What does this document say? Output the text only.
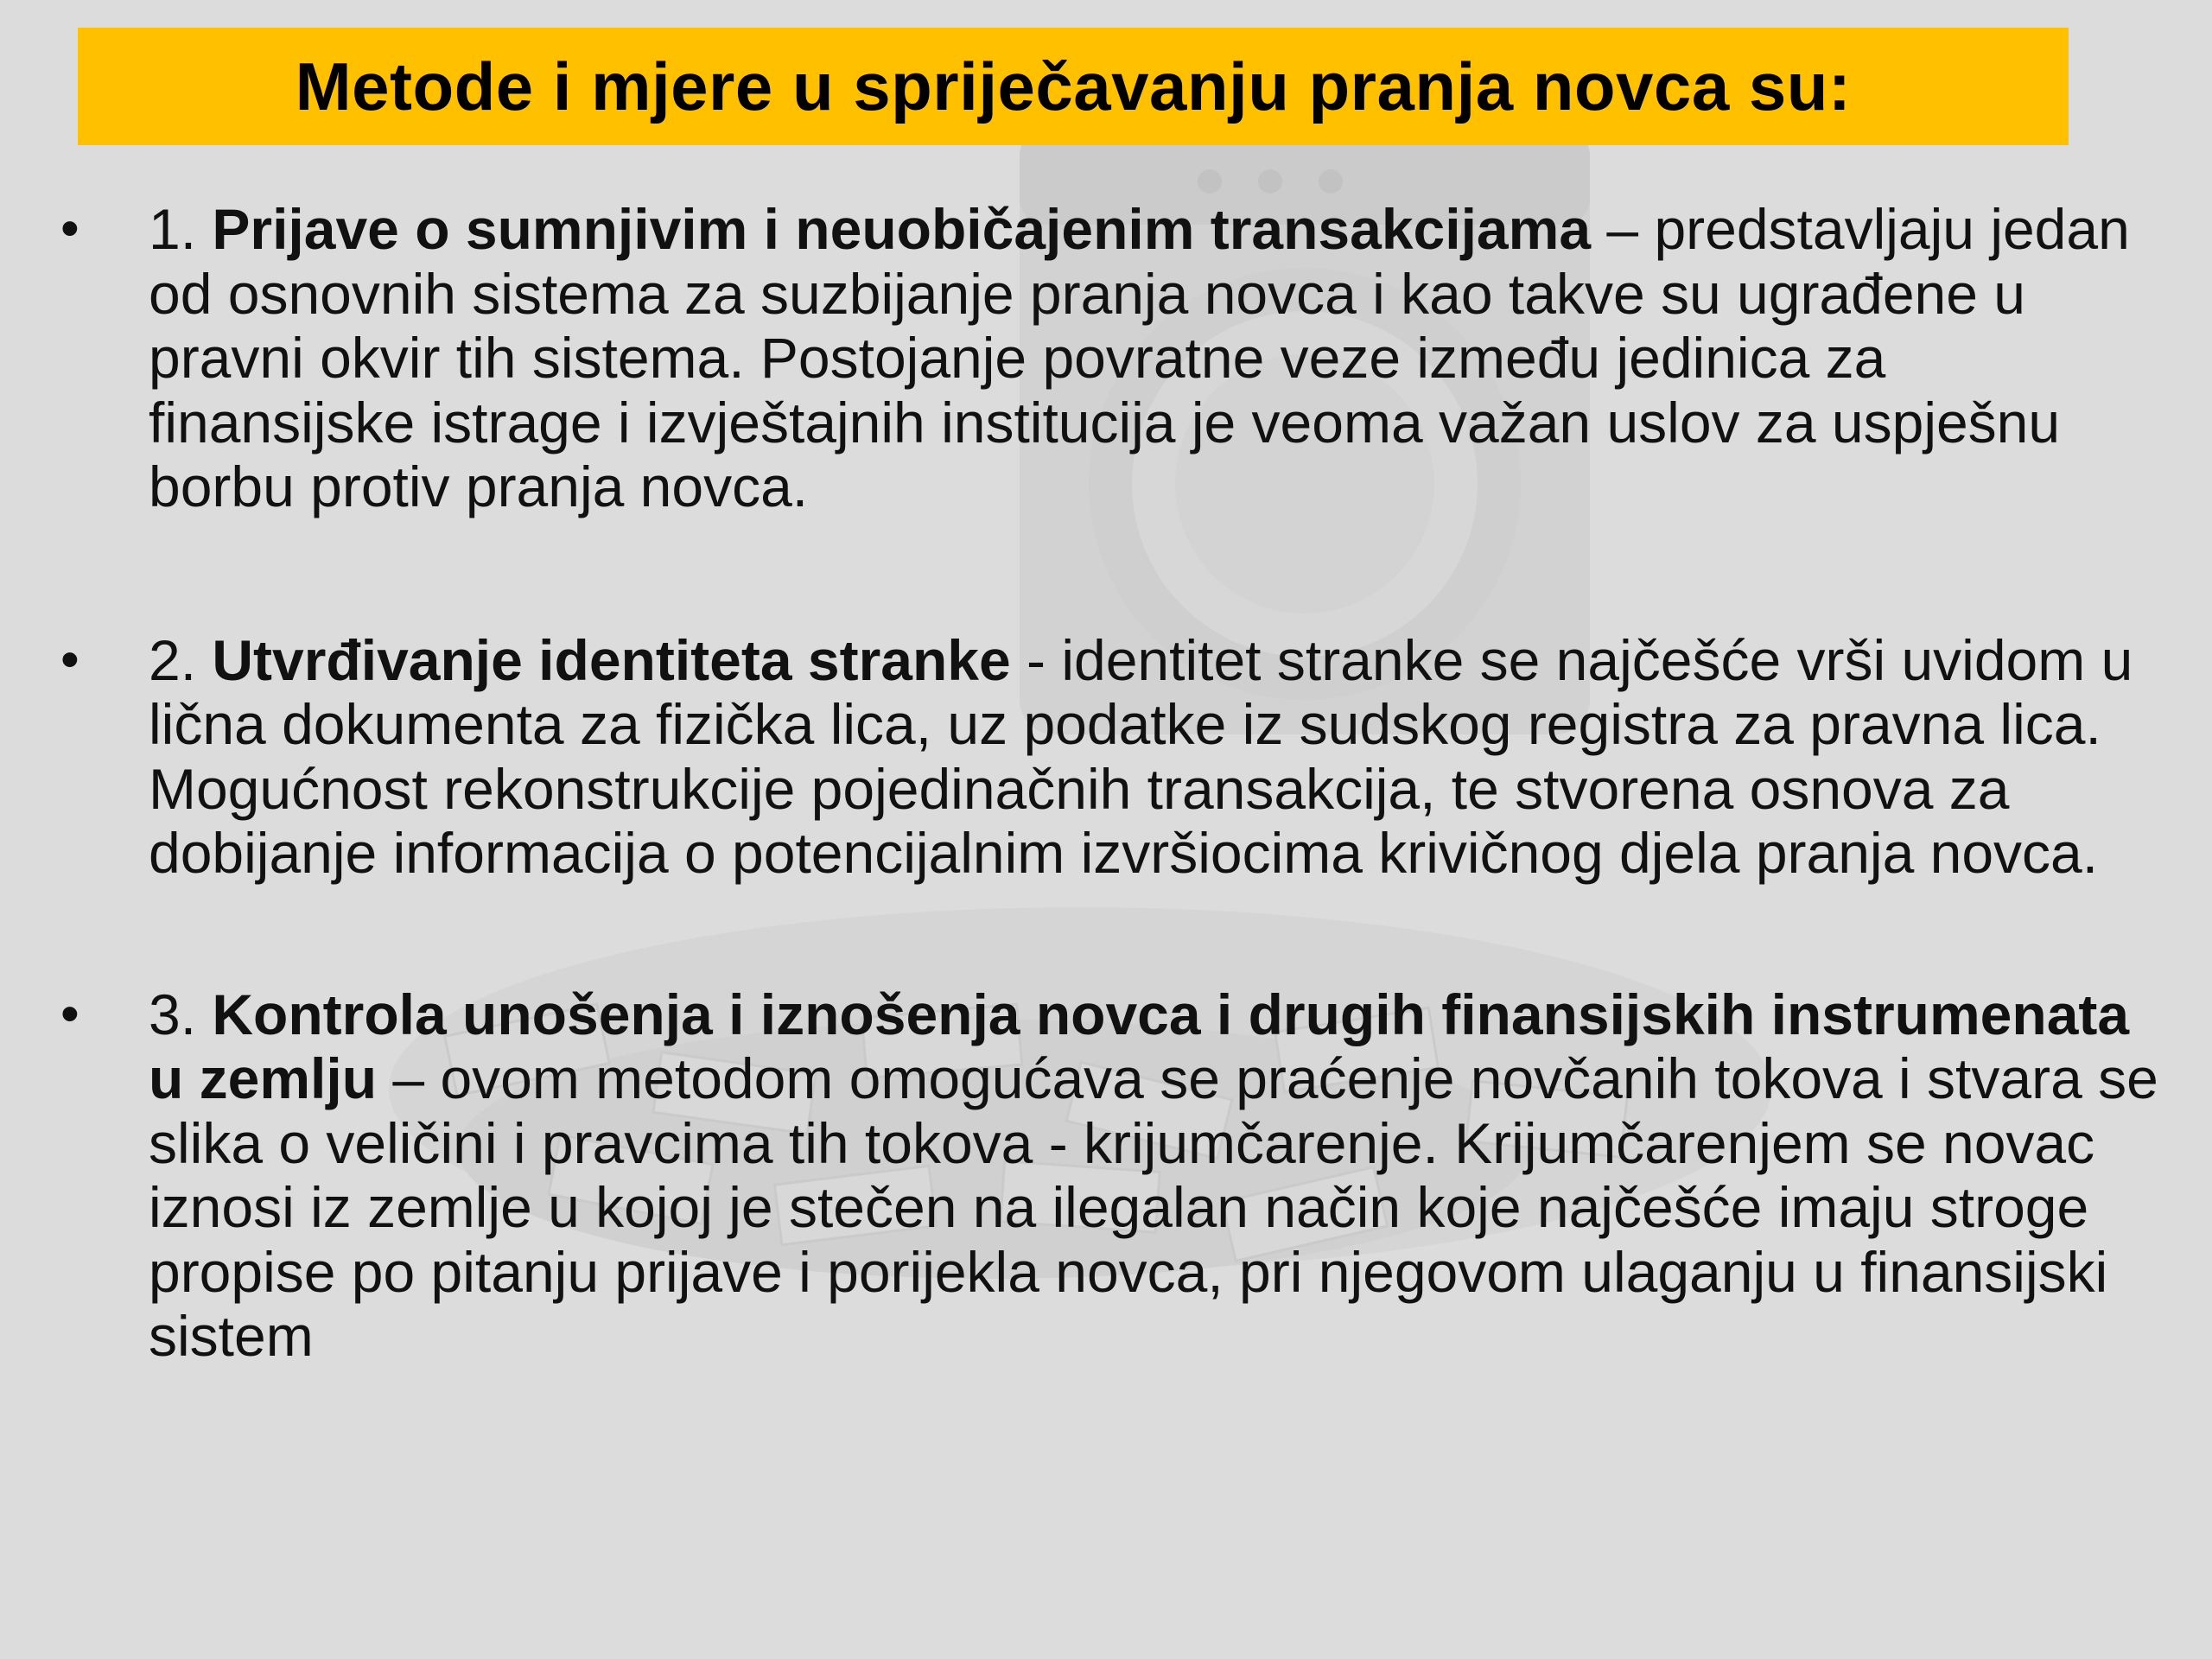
Metode i mjere u spriječavanju pranja novca su:
• 1. Prijave o sumnjivim i neuobičajenim transakcijama – predstavljaju jedan od osnovnih sistema za suzbijanje pranja novca i kao takve su ugrađene u pravni okvir tih sistema. Postojanje povratne veze između jedinica za finansijske istrage i izvještajnih institucija je veoma važan uslov za uspješnu borbu protiv pranja novca.
• 2. Utvrđivanje identiteta stranke - identitet stranke se najčešće vrši uvidom u lična dokumenta za fizička lica, uz podatke iz sudskog registra za pravna lica. Mogućnost rekonstrukcije pojedinačnih transakcija, te stvorena osnova za dobijanje informacija o potencijalnim izvršiocima krivičnog djela pranja novca.
• 3. Kontrola unošenja i iznošenja novca i drugih finansijskih instrumenata u zemlju – ovom metodom omogućava se praćenje novčanih tokova i stvara se slika o veličini i pravcima tih tokova - krijumčarenje. Krijumčarenjem se novac iznosi iz zemlje u kojoj je stečen na ilegalan način koje najčešće imaju stroge propise po pitanju prijave i porijekla novca, pri njegovom ulaganju u finansijski sistem
